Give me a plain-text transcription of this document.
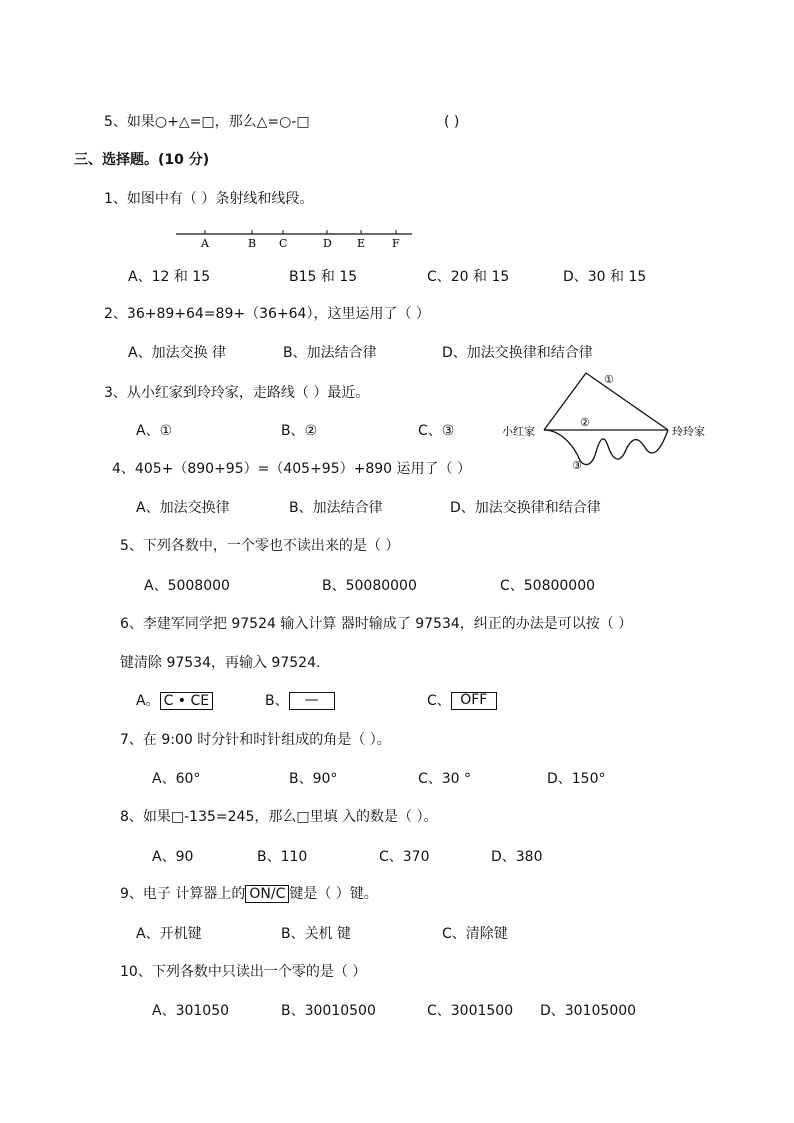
5、如果○+△=□，那么△=○-□	( )
三、选择题。(10 分)
1、如图中有（ ）条射线和线段。
A	B C	D E F
A、12 和 15	B15 和 15	C、20 和 15	D、30 和 15
2、36+89+64=89+（36+64），这里运用了（ ）
A、加法交换 律	B、加法结合律	D、加法交换律和结合律
3、从小红家到玲玲家，走路线（ ）最近。
A、①	B、②	C、③	小红家	玲玲家
①
②
③
4、405+（890+95）=（405+95）+890 运用了（ ）
A、加法交换律	B、加法结合律	D、加法交换律和结合律
5、下列各数中，一个零也不读出来的是（ ）
A、5008000	B、50080000	C、50800000
6、李建军同学把 97524 输入计算 器时输成了 97534，纠正的办法是可以按（ ）
键清除 97534，再输入 97524.
A。 C • CE	B、 —	C、 OFF
7、在 9:00 时分针和时针组成的角是（ ）。
A、60°	B、90°	C、30 °	D、150°
8、如果□-135=245，那么□里填 入的数是（ ）。
A、90	B、110	C、370	D、380
9、电子 计算器上的 ON/C 键是（ ）键。
A、开机键	B、关机 键	C、清除键
10、下列各数中只读出一个零的是（ ）
A、301050	B、30010500	C、3001500 D、30105000
